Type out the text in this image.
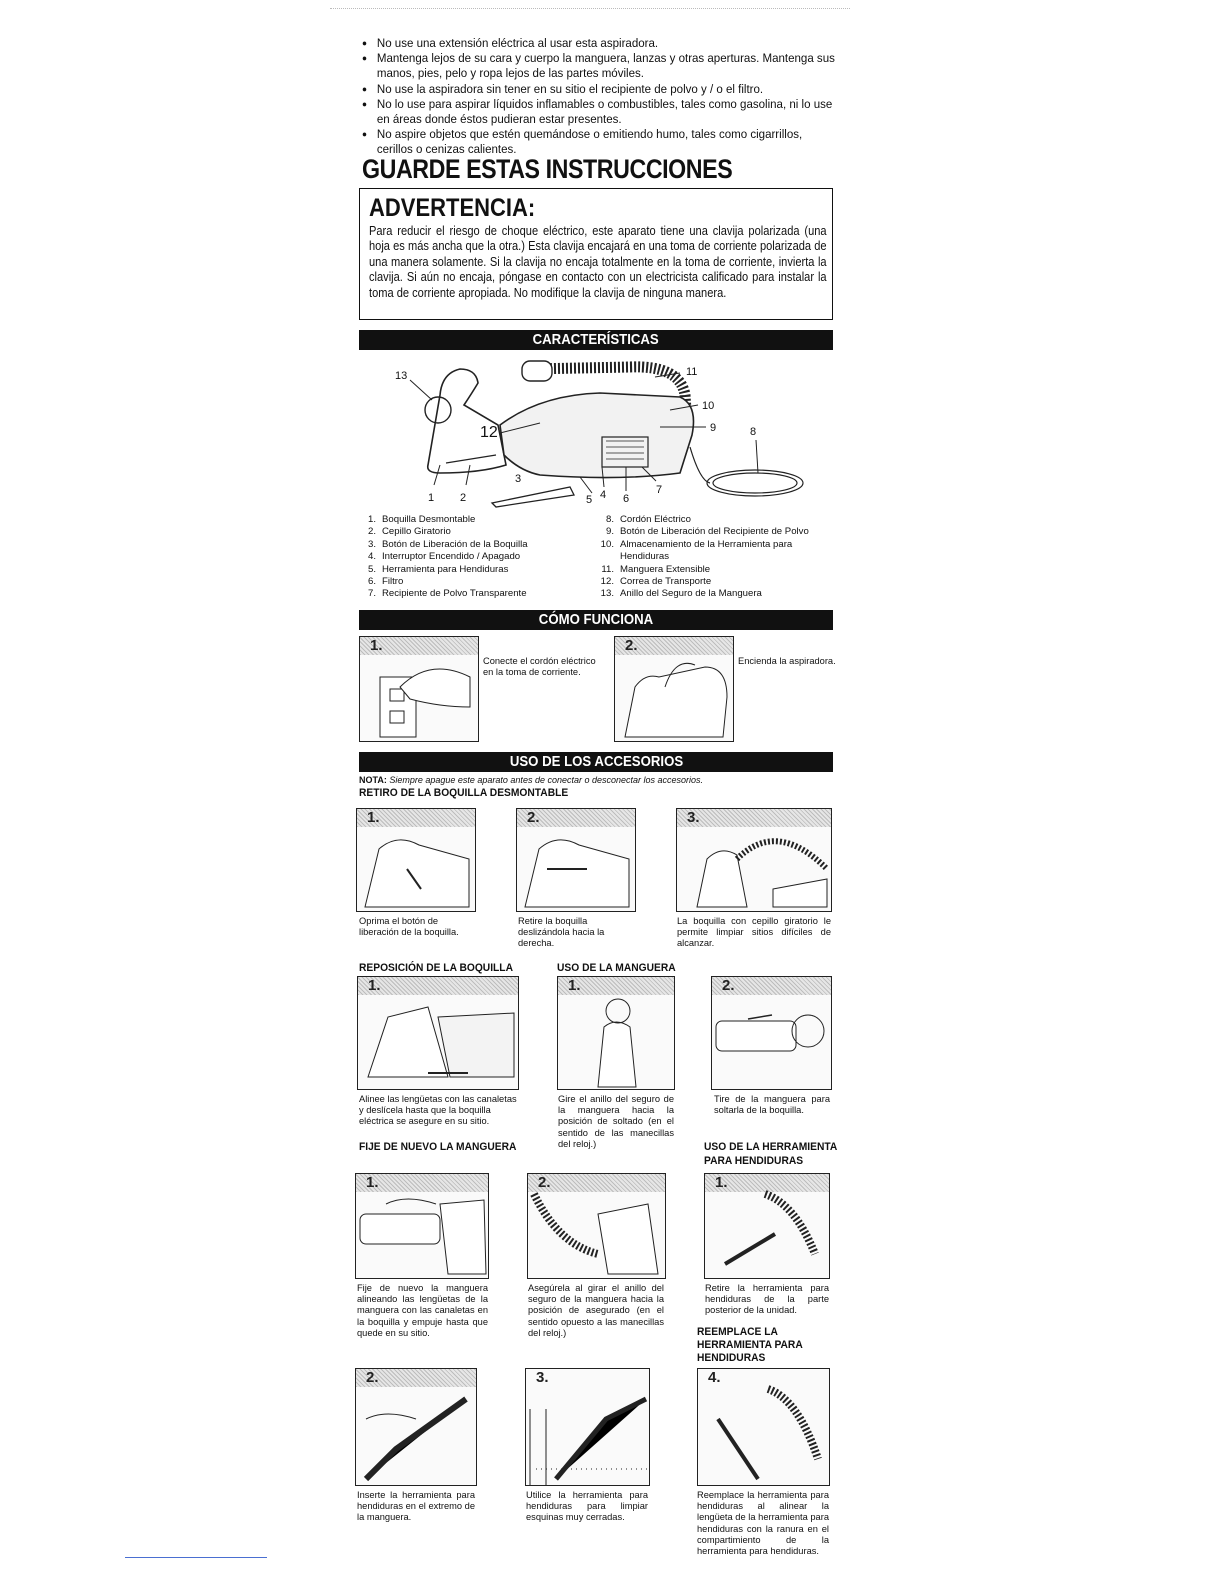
● No use una extensión eléctrica al usar esta aspiradora.
● Mantenga lejos de su cara y cuerpo la manguera, lanzas y otras aperturas. Mantenga sus manos, pies, pelo y ropa lejos de las partes móviles.
● No use la aspiradora sin tener en su sitio el recipiente de polvo y / o el filtro.
● No lo use para aspirar líquidos inflamables o combustibles, tales como gasolina, ni lo use en áreas donde éstos pudieran estar presentes.
● No aspire objetos que estén quemándose o emitiendo humo, tales como cigarrillos, cerillos o cenizas calientes.
GUARDE ESTAS INSTRUCCIONES
ADVERTENCIA:
Para reducir el riesgo de choque eléctrico, este aparato tiene una clavija polarizada (una hoja es más ancha que la otra.) Esta clavija encajará en una toma de corriente polarizada de una manera solamente. Si la clavija no encaja totalmente en la toma de corriente, invierta la clavija. Si aún no encaja, póngase en contacto con un electricista calificado para instalar la toma de corriente apropiada. No modifique la clavija de ninguna manera.
CARACTERÍSTICAS
13	11
10
9	8
12
3
1 2	5 4 6
7
1. Boquilla Desmontable
2. Cepillo Giratorio
3. Botón de Liberación de la Boquilla
4. Interruptor Encendido / Apagado
5. Herramienta para Hendiduras
6. Filtro
7. Recipiente de Polvo Transparente
8. Cordón Eléctrico
9. Botón de Liberación del Recipiente de Polvo
10. Almacenamiento de la Herramienta para Hendiduras
11. Manguera Extensible
12. Correa de Transporte
13. Anillo del Seguro de la Manguera
CÓMO FUNCIONA
1.
Conecte el cordón eléctrico en la toma de corriente.
2.
Encienda la aspiradora.
USO DE LOS ACCESORIOS
NOTA: Siempre apague este aparato antes de conectar o desconectar los accesorios.
RETIRO DE LA BOQUILLA DESMONTABLE
1.
Oprima el botón de liberación de la boquilla.
2.
Retire la boquilla deslizándola hacia la derecha.
3.
La boquilla con cepillo giratorio le permite limpiar sitios difíciles de alcanzar.
REPOSICIÓN DE LA BOQUILLA	USO DE LA MANGUERA
1.
Alinee las lengüetas con las canaletas y deslícela hasta que la boquilla eléctrica se asegure en su sitio.
1.
Gire el anillo del seguro de la manguera hacia la posición de soltado (en el sentido de las manecillas del reloj.)
2.
Tire de la manguera para soltarla de la boquilla.
FIJE DE NUEVO LA MANGUERA	USO DE LA HERRAMIENTA
PARA HENDIDURAS
1.
Fije de nuevo la manguera alineando las lengüetas de la manguera con las canaletas en la boquilla y empuje hasta que quede en su sitio.
2.
Asegúrela al girar el anillo del seguro de la manguera hacia la posición de asegurado (en el sentido opuesto a las manecillas del reloj.)
1.
Retire la herramienta para hendiduras de la parte posterior de la unidad.
REEMPLACE LA
HERRAMIENTA PARA
HENDIDURAS
2.
Inserte la herramienta para hendiduras en el extremo de la manguera.
3.
Utilice la herramienta para hendiduras para limpiar esquinas muy cerradas.
4.
Reemplace la herramienta para hendiduras al alinear la lengüeta de la herramienta para hendiduras con la ranura en el compartimiento de la herramienta para hendiduras.
